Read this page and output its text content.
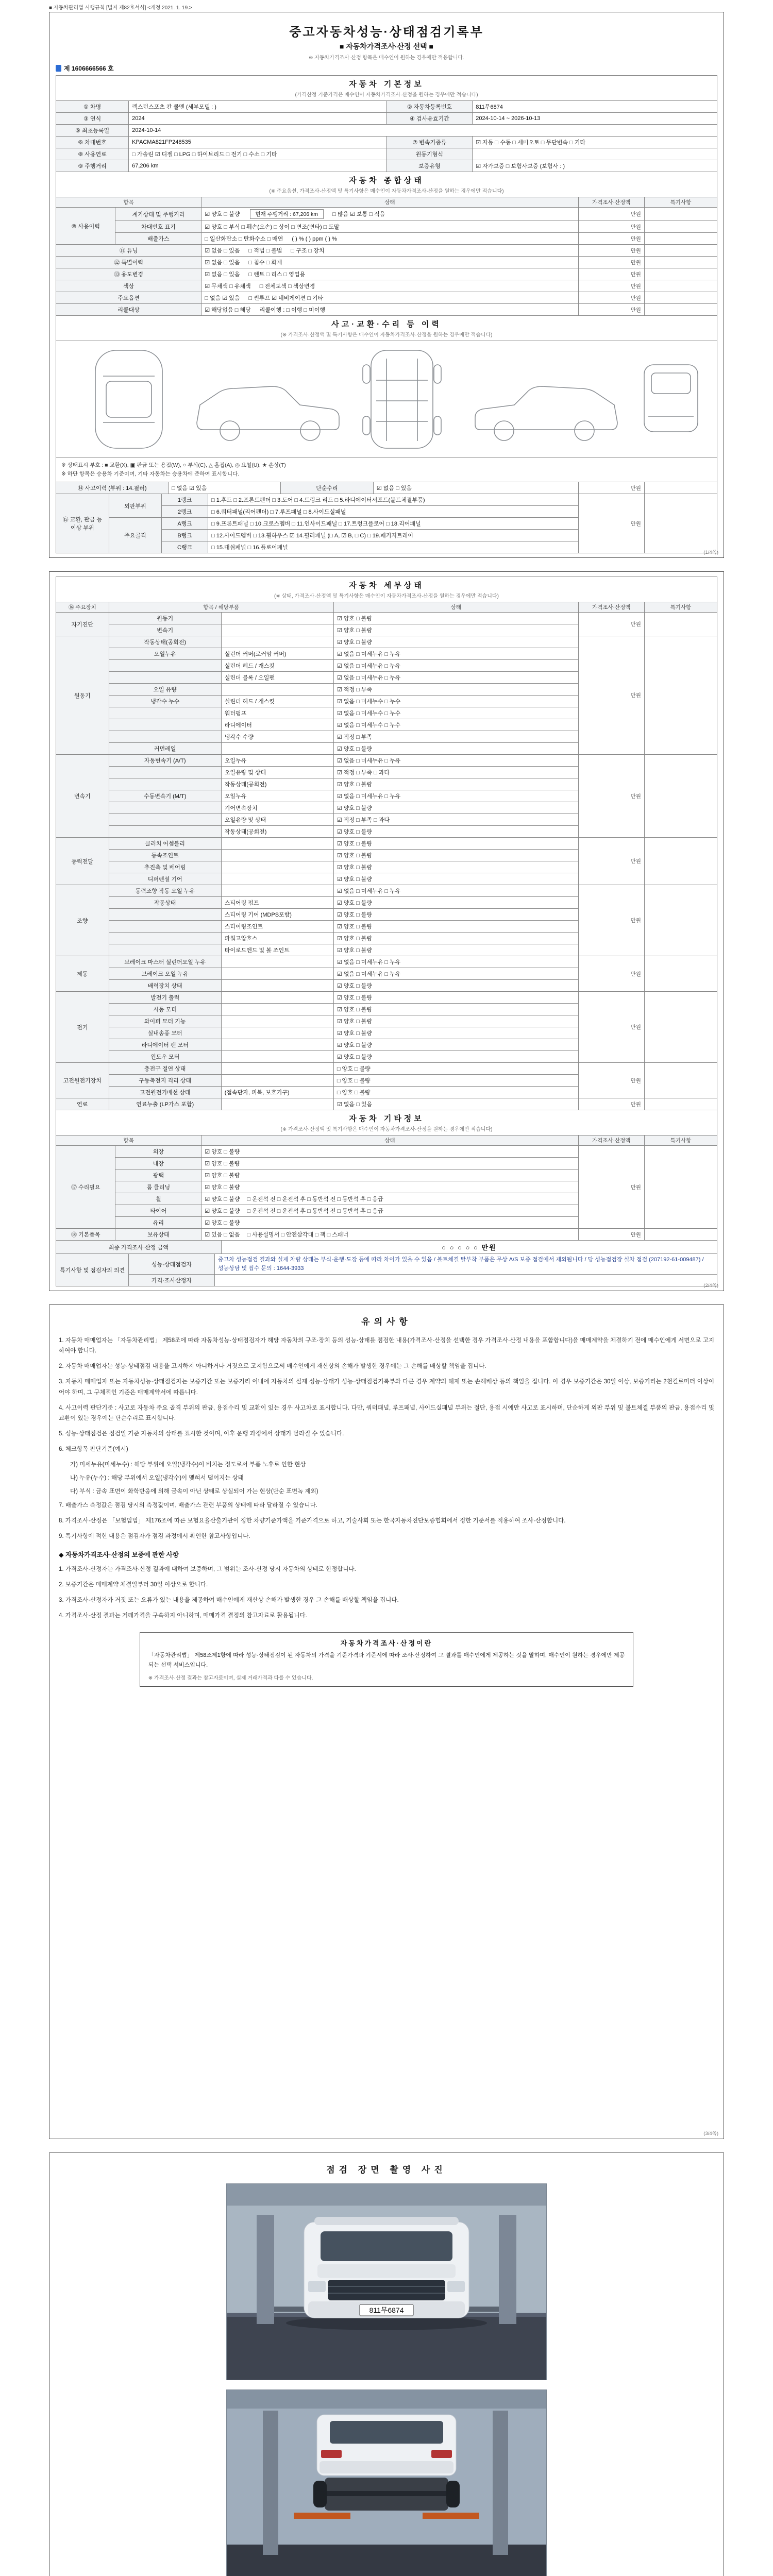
■ 자동차관리법 시행규칙 [별지 제82호서식] <개정 2021. 1. 19.>
중고자동차성능·상태점검기록부
■ 자동차가격조사·산정 선택 ■
※ 자동차가격조사·산정 항목은 매수인이 원하는 경우에만 적용합니다.
제 1606666566 호
자동차 기본정보
(가격산정 기준가격은 매수인이 자동차가격조사·산정을 원하는 경우에만 적습니다)			

① 차명	렉스턴스포츠 칸 쿨멘 (세부모델 : )	② 자동차등록번호	811무6874
③ 연식	2024	④ 검사유효기간	2024-10-14 ~ 2026-10-13
⑤ 최초등록일	2024-10-14		
⑥ 차대번호	KPACMA821FP248535	⑦ 변속기종류	☑ 자동 □ 수동 □ 세미오토 □ 무단변속 □ 기타
⑧ 사용연료	□ 가솔린 ☑ 디젤 □ LPG □ 하이브리드 □ 전기 □ 수소 □ 기타	원동기형식	
⑨ 주행거리	67,206 km	보증유형	☑ 자가보증 □ 보험사보증 (보험사 : )
자동차 종합상태
(※ 주요옵션, 가격조사·산정액 및 특기사항은 매수인이 자동차가격조사·산정을 원하는 경우에만 적습니다)				

항목		상태	가격조사·산정액	특기사항
⑩ 사용이력	계기상태 및 주행거리	☑ 양호 □ 불량 현재 주행거리 : 67,206 km □ 많음 ☑ 보통 □ 적음	만원	
	차대번호 표기	☑ 양호 □ 부식 □ 훼손(오손) □ 상이 □ 변조(변타) □ 도말	만원	
	배출가스	□ 일산화탄소 □ 탄화수소 □ 매연 ( ) % ( ) ppm ( ) %	만원	
⑪ 튜닝		☑ 없음 □ 있음 □ 적법 □ 불법 □ 구조 □ 장치	만원	
⑫ 특별이력		☑ 없음 □ 있음 □ 침수 □ 화재	만원	
⑬ 용도변경		☑ 없음 □ 있음 □ 렌트 □ 리스 □ 영업용	만원	
색상		☑ 무채색 □ 유채색 □ 전체도색 □ 색상변경	만원	
주요옵션		□ 없음 ☑ 있음 □ 썬루프 ☑ 네비게이션 □ 기타	만원	
리콜대상		☑ 해당없음 □ 해당 리콜이행 : □ 이행 □ 미이행	만원	
사고·교환·수리 등 이력
(※ 가격조사·산정액 및 특기사항은 매수인이 자동차가격조사·산정을 원하는 경우에만 적습니다)
※ 상태표시 부호 : ■ 교환(X), ▣ 판금 또는 용접(W), ○ 부식(C), △ 흠집(A), ◎ 요철(U), ★ 손상(T)
※ 하단 항목은 승용차 기준이며, 기타 자동차는 승용차에 준하여 표시합니다.
⑭ 사고이력 (부위 : 14.필러)	□ 없음 ☑ 있음	단순수리	☑ 없음 □ 있음	만원	
⑮ 교환, 판금 등 이상 부위	외판부위	1랭크	□ 1.후드 □ 2.프론트펜더 □ 3.도어 □ 4.트렁크 리드 □ 5.라디에이터서포트(볼트체결부품)	만원	
		2랭크	□ 6.쿼터패널(리어펜더) □ 7.루프패널 □ 8.사이드실패널		
	주요골격	A랭크	□ 9.프론트패널 □ 10.크로스멤버 □ 11.인사이드패널 □ 17.트렁크플로어 □ 18.리어패널		
		B랭크	□ 12.사이드멤버 □ 13.휠하우스 ☑ 14.필러패널 (□ A, ☑ B, □ C) □ 19.패키지트레이		
		C랭크	□ 15.대쉬패널 □ 16.플로어패널		
(1/4쪽)
자동차 세부상태
(※ 상태, 가격조사·산정액 및 특기사항은 매수인이 자동차가격조사·산정을 원하는 경우에만 적습니다)					

⑯ 주요장치	항목 / 해당부품		상태	가격조사·산정액	특기사항
자기진단	원동기		☑ 양호 □ 불량	만원	
	변속기		☑ 양호 □ 불량		
원동기	작동상태(공회전)		☑ 양호 □ 불량	만원	
	오일누유	실린더 커버(로커암 커버)	☑ 없음 □ 미세누유 □ 누유		
		실린더 헤드 / 개스킷	☑ 없음 □ 미세누유 □ 누유		
		실린더 블록 / 오일팬	☑ 없음 □ 미세누유 □ 누유		
	오일 유량		☑ 적정 □ 부족		
	냉각수 누수	실린더 헤드 / 개스킷	☑ 없음 □ 미세누수 □ 누수		
		워터펌프	☑ 없음 □ 미세누수 □ 누수		
		라디에이터	☑ 없음 □ 미세누수 □ 누수		
		냉각수 수량	☑ 적정 □ 부족		
	커먼레일		☑ 양호 □ 불량		
변속기	자동변속기 (A/T)	오일누유	☑ 없음 □ 미세누유 □ 누유	만원	
		오일유량 및 상태	☑ 적정 □ 부족 □ 과다		
		작동상태(공회전)	☑ 양호 □ 불량		
	수동변속기 (M/T)	오일누유	☑ 없음 □ 미세누유 □ 누유		
		기어변속장치	☑ 양호 □ 불량		
		오일유량 및 상태	☑ 적정 □ 부족 □ 과다		
		작동상태(공회전)	☑ 양호 □ 불량		
동력전달	클러치 어셈블리		☑ 양호 □ 불량	만원	
	등속조인트		☑ 양호 □ 불량		
	추진축 및 베어링		☑ 양호 □ 불량		
	디퍼렌셜 기어		☑ 양호 □ 불량		
조향	동력조향 작동 오일 누유		☑ 없음 □ 미세누유 □ 누유	만원	
	작동상태	스티어링 펌프	☑ 양호 □ 불량		
		스티어링 기어 (MDPS포함)	☑ 양호 □ 불량		
		스티어링조인트	☑ 양호 □ 불량		
		파워고압호스	☑ 양호 □ 불량		
		타이로드엔드 및 볼 조인트	☑ 양호 □ 불량		
제동	브레이크 마스터 실린더오일 누유		☑ 없음 □ 미세누유 □ 누유	만원	
	브레이크 오일 누유		☑ 없음 □ 미세누유 □ 누유		
	배력장치 상태		☑ 양호 □ 불량		
전기	발전기 출력		☑ 양호 □ 불량	만원	
	시동 모터		☑ 양호 □ 불량		
	와이퍼 모터 기능		☑ 양호 □ 불량		
	실내송풍 모터		☑ 양호 □ 불량		
	라디에이터 팬 모터		☑ 양호 □ 불량		
	윈도우 모터		☑ 양호 □ 불량		
고전원전기장치	충전구 절연 상태		□ 양호 □ 불량	만원	
	구동축전지 격리 상태		□ 양호 □ 불량		
	고전원전기배선 상태	(접속단자, 피복, 보호기구)	□ 양호 □ 불량		
연료	연료누출 (LP가스 포함)		☑ 없음 □ 있음	만원	
자동차 기타정보
(※ 가격조사·산정액 및 특기사항은 매수인이 자동차가격조사·산정을 원하는 경우에만 적습니다)				

항목		상태	가격조사·산정액	특기사항
⑰ 수리필요	외장	☑ 양호 □ 불량	만원	
	내장	☑ 양호 □ 불량		
	광택	☑ 양호 □ 불량		
	룸 클리닝	☑ 양호 □ 불량		
	휠	☑ 양호 □ 불량 □ 운전석 전 □ 운전석 후 □ 동반석 전 □ 동반석 후 □ 응급		
	타이어	☑ 양호 □ 불량 □ 운전석 전 □ 운전석 후 □ 동반석 전 □ 동반석 후 □ 응급		
	유리	☑ 양호 □ 불량		
⑱ 기본품목	보유상태	☑ 있음 □ 없음 □ 사용설명서 □ 안전삼각대 □ 잭 □ 스패너	만원	
최종 가격조사·산정 금액	○ ○ ○ ○ ○ 만원
특기사항 및 점검자의 의견	성능·상태점검자	중고차 성능점검 결과와 실제 차량 상태는 부식·운행·도장 등에 따라 차이가 있을 수 있음 / 볼트체결 탈부착 부품은 무상 A/S 보증 점검에서 제외됩니다 / 당 성능점검장 실차 점검 (207192-61-009487) / 성능상담 및 접수 문의 : 1644-3933
	가격·조사산정자	
(2/4쪽)
유의사항
1. 자동차 매매업자는 「자동차관리법」 제58조에 따라 자동차성능·상태점검자가 해당 자동차의 구조·장치 등의 성능·상태를 점검한 내용(가격조사·산정을 선택한 경우 가격조사·산정 내용을 포함합니다)을 매매계약을 체결하기 전에 매수인에게 서면으로 고지하여야 합니다.
2. 자동차 매매업자는 성능·상태점검 내용을 고지하지 아니하거나 거짓으로 고지함으로써 매수인에게 재산상의 손해가 발생한 경우에는 그 손해를 배상할 책임을 집니다.
3. 자동차 매매업자 또는 자동차성능·상태점검자는 보증기간 또는 보증거리 이내에 자동차의 실제 성능·상태가 성능·상태점검기록부와 다른 경우 계약의 해제 또는 손해배상 등의 책임을 집니다. 이 경우 보증기간은 30일 이상, 보증거리는 2천킬로미터 이상이어야 하며, 그 구체적인 기준은 매매계약서에 따릅니다.
4. 사고이력 판단기준 : 사고로 자동차 주요 골격 부위의 판금, 용접수리 및 교환이 있는 경우 사고차로 표시합니다. 다만, 쿼터패널, 루프패널, 사이드실패널 부위는 절단, 용접 시에만 사고로 표시하며, 단순하게 외판 부위 및 볼트체결 부품의 판금, 용접수리 및 교환이 있는 경우에는 단순수리로 표시합니다.
5. 성능·상태점검은 점검일 기준 자동차의 상태를 표시한 것이며, 이후 운행 과정에서 상태가 달라질 수 있습니다.
6. 체크항목 판단기준(예시)
가) 미세누유(미세누수) : 해당 부위에 오일(냉각수)이 비치는 정도로서 부품 노후로 인한 현상
나) 누유(누수) : 해당 부위에서 오일(냉각수)이 맺혀서 떨어지는 상태
다) 부식 : 금속 표면이 화학반응에 의해 금속이 아닌 상태로 상실되어 가는 현상(단순 표면녹 제외)
7. 배출가스 측정값은 점검 당시의 측정값이며, 배출가스 관련 부품의 상태에 따라 달라질 수 있습니다.
8. 가격조사·산정은 「보험업법」 제176조에 따른 보험요율산출기관이 정한 차량기준가액을 기준가격으로 하고, 기술사회 또는 한국자동차진단보증협회에서 정한 기준서를 적용하여 조사·산정합니다.
9. 특기사항에 적힌 내용은 점검자가 점검 과정에서 확인한 참고사항입니다.
◆ 자동차가격조사·산정의 보증에 관한 사항
1. 가격조사·산정자는 가격조사·산정 결과에 대하여 보증하며, 그 범위는 조사·산정 당시 자동차의 상태로 한정합니다.
2. 보증기간은 매매계약 체결일부터 30일 이상으로 합니다.
3. 가격조사·산정자가 거짓 또는 오류가 있는 내용을 제공하여 매수인에게 재산상 손해가 발생한 경우 그 손해를 배상할 책임을 집니다.
4. 가격조사·산정 결과는 거래가격을 구속하지 아니하며, 매매가격 결정의 참고자료로 활용됩니다.
자동차가격조사·산정이란
「자동차관리법」 제58조제1항에 따라 성능·상태점검이 된 자동차의 가격을 기준가격과 기준서에 따라 조사·산정하여 그 결과를 매수인에게 제공하는 것을 말하며, 매수인이 원하는 경우에만 제공되는 선택 서비스입니다.
※ 가격조사·산정 결과는 참고자료이며, 실제 거래가격과 다를 수 있습니다.
(3/4쪽)
점검 장면 촬영 사진
811무6874
